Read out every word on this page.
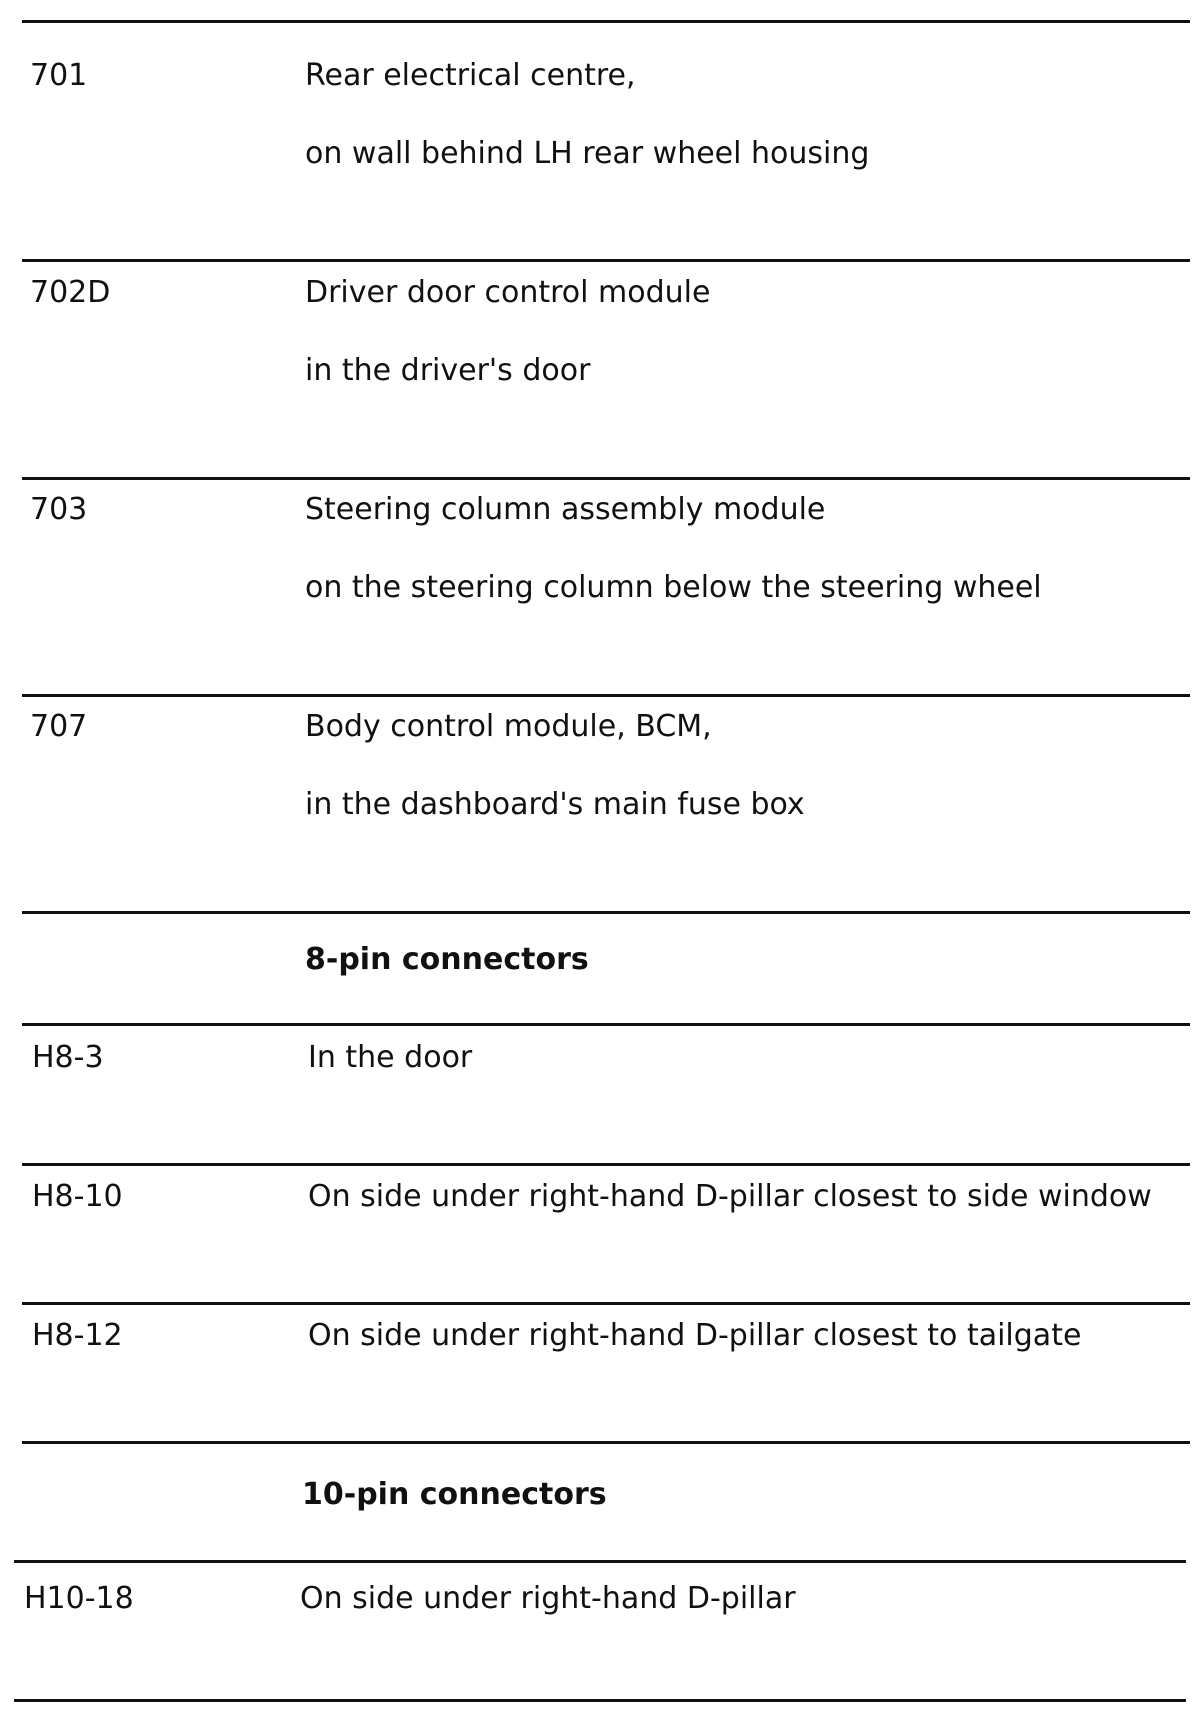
701	Rear electrical centre,
on wall behind LH rear wheel housing
702D	Driver door control module
in the driver's door
703	Steering column assembly module
on the steering column below the steering wheel
707	Body control module, BCM,
in the dashboard's main fuse box
8-pin connectors
H8-3	In the door
H8-10	On side under right-hand D-pillar closest to side window
H8-12	On side under right-hand D-pillar closest to tailgate
10-pin connectors
H10-18	On side under right-hand D-pillar
